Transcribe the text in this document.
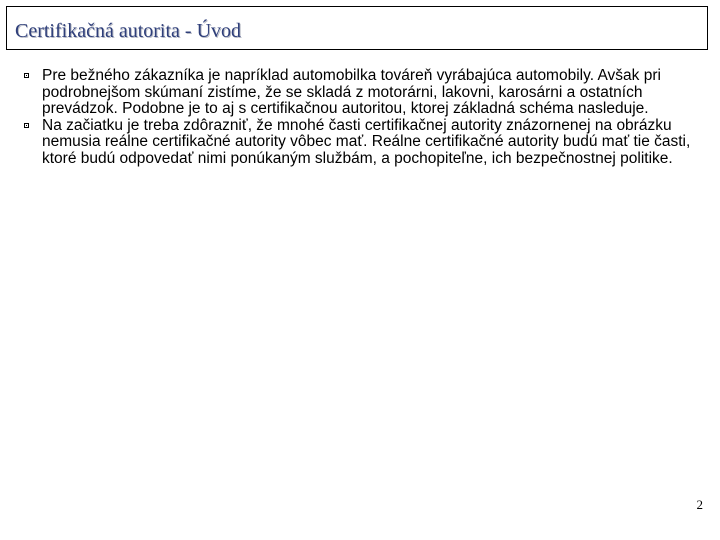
Certifikačná autorita - Úvod
Pre bežného zákazníka je napríklad automobilka továreň vyrábajúca automobily. Avšak pri podrobnejšom skúmaní zistíme, že se skladá z motorárni, lakovni, karosárni a ostatních prevádzok. Podobne je to aj s certifikačnou autoritou, ktorej základná schéma nasleduje.
Na začiatku je treba zdôrazniť, že mnohé časti certifikačnej autority znázornenej na obrázku nemusia reálne certifikačné autority vôbec mať. Reálne certifikačné autority budú mať tie časti, ktoré budú odpovedať nimi ponúkaným službám, a pochopiteľne, ich bezpečnostnej politike.
2
